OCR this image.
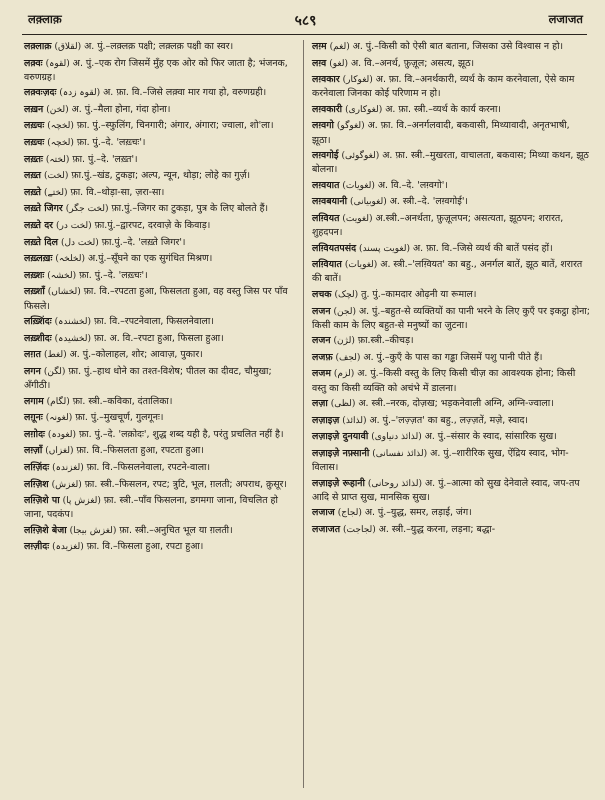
लक़्लाक़	५८९	लजाजत

लक़्लाक़ (لقلاق) अ. पुं.–लक़्लक़ पक्षी; लक़्लक़ पक्षी का स्वर।

लक़्वः (لقوہ) अ. पुं.–एक रोग जिसमें मुँह एक ओर को फिर जाता है; भंजनक, वरुणग्रह।

लक़्वःज़दः (لقوہ زدہ) अ. फ़ा. वि.–जिसे लक़्वा मार गया हो, वरुणग्रही।

लख़न (لخن) अ. पुं.–मैला होना, गंदा होना।

लख़्चः (لخچہ) फ़ा. पुं.–स्फुलिंग, चिनगारी; अंगार, अंगारा; ज्वाला, शो'ला।

लख़्चः (لخچہ) फ़ा. पुं.–दे. 'लख़्चः'।

लख़्तः (لختہ) फ़ा. पुं.–दे. 'लख़्त'।

लख़्त (لخت) फ़ा.पुं.–खंड, टुकड़ा; अल्प, न्यून, थोड़ा; लोहे का गुर्ज़।

लख़्ते (لختے) फ़ा. वि.–थोड़ा-सा, ज़रा-सा।

लख़्ते जिगर (لخت جگر) फ़ा.पुं.–जिगर का टुकड़ा, पुत्र के लिए बोलते हैं।

लख़्ते दर (لخت در) फ़ा.पुं.–द्वारपट, दरवाज़े के किवाड़।

लख़्ते दिल (لخت دل) फ़ा.पुं.–दे. 'लख़्ते जिगर'।

लख़्लख़ः (لخلخہ) अ.पुं.–सूँघने का एक सुगंधित मिश्रण।

लख़्शः (لخشہ) फ़ा. पुं.–दे. 'लख़्चः'।

लख़्शाँ (لخشاں) फ़ा. वि.–रपटता हुआ, फिसलता हुआ, वह वस्तु जिस पर पाँव फिसले।

लख़्शिंदः (لخشندہ) फ़ा. वि.–रपटनेवाला, फिसलनेवाला।

लख़्शीदः (لخشیدہ) फ़ा. अ. वि.–रपटा हुआ, फिसला हुआ।

लग़त (لغط) अ. पुं.–कोलाहल, शोर; आवाज़, पुकार।

लगन (لگن) फ़ा. पुं.–हाथ धोने का तश्त-विशेष; पीतल का दीवट, चौमुखा; अँगीठी।

लगाम (لگام) फ़ा. स्त्री.–कविका, दंतालिका।

लग़ूनः (لغونہ) फ़ा. पुं.–मुखचूर्ण, गुलगूनः।

लग़ोदः (لغودہ) फ़ा. पुं.–दे. 'लक़ोदः', शुद्ध शब्द यही है, परंतु प्रचलित नहीं है।

लग़्ज़ाँ (لغزاں) फ़ा. वि.–फिसलता हुआ, रपटता हुआ।

लग़्ज़िंदः (لغزندہ) फ़ा. वि.–फिसलनेवाला, रपटने-वाला।

लग़्ज़िश (لغزش) फ़ा. स्त्री.–फिसलन, रपट; त्रुटि, भूल, ग़लती; अपराध, क़ुसूर।

लग़्ज़िशे पा (لغزش پا) फ़ा. स्त्री.–पाँव फिसलना, डगमगा जाना, विचलित हो जाना, पदकंप।

लग़्ज़िशे बेजा (لغزش بیجا) फ़ा. स्त्री.–अनुचित भूल या ग़लती।

लग़्ज़ीदः (لغزیدہ) फ़ा. वि.–फिसला हुआ, रपटा हुआ।

लग़्म (لغم) अ. पुं.–किसी को ऐसी बात बताना, जिसका उसे विश्वास न हो।

लग़्व (لغو) अ. वि.–अनर्थ, फ़ुज़ूल; असत्य, झूठ।

लग़्वकार (لغوکار) अ. फ़ा. वि.–अनर्थकारी, व्यर्थ के काम करनेवाला, ऐसे काम करनेवाला जिनका कोई परिणाम न हो।

लग़्वकारी (لغوکاری) अ. फ़ा. स्त्री.–व्यर्थ के कार्य करना।

लग़्वगो (لغوگو) अ. फ़ा. वि.–अनर्गलवादी, बकवासी, मिथ्यावादी, अनृतभाषी, झूठा।

लग़्वगोई (لغوگوئی) अ. फ़ा. स्त्री.–मुखरता, वाचालता, बकवास; मिथ्या कथन, झूठ बोलना।

लग़्वयात (لغویات) अ. वि.–दे. 'लग़्वगो'।

लग़्वबयानी (لغوبیانی) अ. स्त्री.–दे. 'लग़्वगोई'।

लग़्वियत (لغویت) अ.स्त्री.–अनर्थता, फ़ुज़ूलपन; असत्यता, झूठपन; शरारत, शुहदपन।

लग़्वियतपसंद (لغویت پسند) अ. फ़ा. वि.–जिसे व्यर्थ की बातें पसंद हों।

लग़्वियात (لغویات) अ. स्त्री.–'लग़्वियत' का बहु., अनर्गल बातें, झूठ बातें, शरारत की बातें।

लचक (لچک) तु. पुं.–कामदार ओढ़नी या रूमाल।

लजन (لجن) अ. पुं.–बहुत-से व्यक्तियों का पानी भरने के लिए कुएँ पर इकट्ठा होना; किसी काम के लिए बहुत-से मनुष्यों का जुटना।

लजन (لژن) फ़ा.स्त्री.–कीचड़।

लजफ़ (لجف) अ. पुं.–कुएँ के पास का गड्ढा जिसमें पशु पानी पीते हैं।

लजम (لزم) अ. पुं.–किसी वस्तु के लिए किसी चीज़ का आवश्यक होना; किसी वस्तु का किसी व्यक्ति को अचंभे में डालना।

लज़ा (لظی) अ. स्त्री.–नरक, दोज़ख; भड़कनेवाली अग्नि, अग्नि-ज्वाला।

लज़ाइज़ (لذائذ) अ. पुं.–'लज़्ज़त' का बहु., लज़्ज़तें, मज़े, स्वाद।

लज़ाइज़े दुनयावी (لذائذ دنیاوی) अ. पुं.–संसार के स्वाद, सांसारिक सुख।

लज़ाइज़े नफ़्सानी (لذائذ نفسانی) अ. पुं.–शारीरिक सुख, ऐंद्रिय स्वाद, भोग-विलास।

लज़ाइज़े रूहानी (لذائذ روحانی) अ. पुं.–आत्मा को सुख देनेवाले स्वाद, जप-तप आदि से प्राप्त सुख, मानसिक सुख।

लजाज (لجاج) अ. पुं.–युद्ध, समर, लड़ाई, जंग।

लजाजत (لجاجت) अ. स्त्री.–युद्ध करना, लड़ना; बद्धा-
